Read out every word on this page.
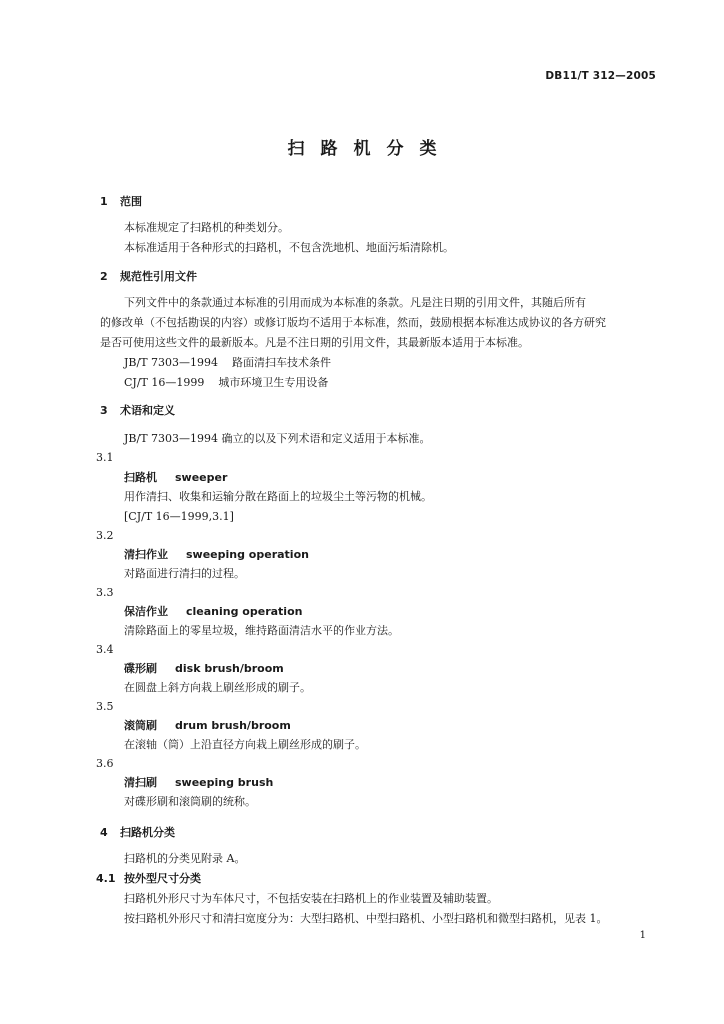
DB11/T 312—2005
扫路机分类
1 范围
本标准规定了扫路机的种类划分。
本标准适用于各种形式的扫路机，不包含洗地机、地面污垢清除机。
2 规范性引用文件
下列文件中的条款通过本标准的引用而成为本标准的条款。凡是注日期的引用文件，其随后所有
的修改单（不包括勘误的内容）或修订版均不适用于本标准，然而，鼓励根据本标准达成协议的各方研究
是否可使用这些文件的最新版本。凡是不注日期的引用文件，其最新版本适用于本标准。
JB/T 7303—1994 路面清扫车技术条件
CJ/T 16—1999 城市环境卫生专用设备
3 术语和定义
JB/T 7303—1994 确立的以及下列术语和定义适用于本标准。
3.1
扫路机 sweeper
用作清扫、收集和运输分散在路面上的垃圾尘土等污物的机械。
[CJ/T 16—1999,3.1]
3.2
清扫作业 sweeping operation
对路面进行清扫的过程。
3.3
保洁作业 cleaning operation
清除路面上的零星垃圾，维持路面清洁水平的作业方法。
3.4
碟形刷 disk brush/broom
在圆盘上斜方向栽上刷丝形成的刷子。
3.5
滚筒刷 drum brush/broom
在滚轴（筒）上沿直径方向栽上刷丝形成的刷子。
3.6
清扫刷 sweeping brush
对碟形刷和滚筒刷的统称。
4 扫路机分类
扫路机的分类见附录 A。
4.1 按外型尺寸分类
扫路机外形尺寸为车体尺寸，不包括安装在扫路机上的作业装置及辅助装置。
按扫路机外形尺寸和清扫宽度分为：大型扫路机、中型扫路机、小型扫路机和微型扫路机，见表 1。
1
